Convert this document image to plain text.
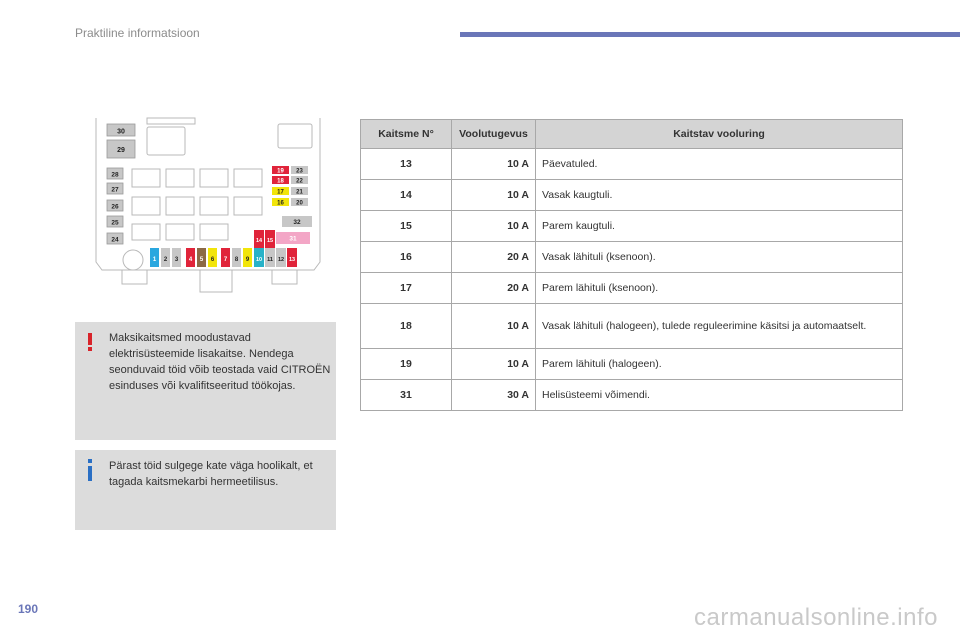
Praktiline informatsioon
30
29
28
27
26
25
24
19
18
17
16
23
22
21
20
32
31
14 15
1 2 3 4 5 6 7 8 9 10 11 12 13
Maksikaitsmed moodustavad elektrisüsteemide lisakaitse. Nendega seonduvaid töid võib teostada vaid CITROËN esinduses või kvalifitseeritud töökojas.
Pärast töid sulgege kate väga hoolikalt, et tagada kaitsmekarbi hermeetilisus.
Kaitsme N°	Voolutugevus	Kaitstav vooluring
13	10 A	Päevatuled.
14	10 A	Vasak kaugtuli.
15	10 A	Parem kaugtuli.
16	20 A	Vasak lähituli (ksenoon).
17	20 A	Parem lähituli (ksenoon).
18	10 A	Vasak lähituli (halogeen), tulede reguleerimine käsitsi ja automaatselt.
19	10 A	Parem lähituli (halogeen).
31	30 A	Helisüsteemi võimendi.
190	carmanualsonline.info
